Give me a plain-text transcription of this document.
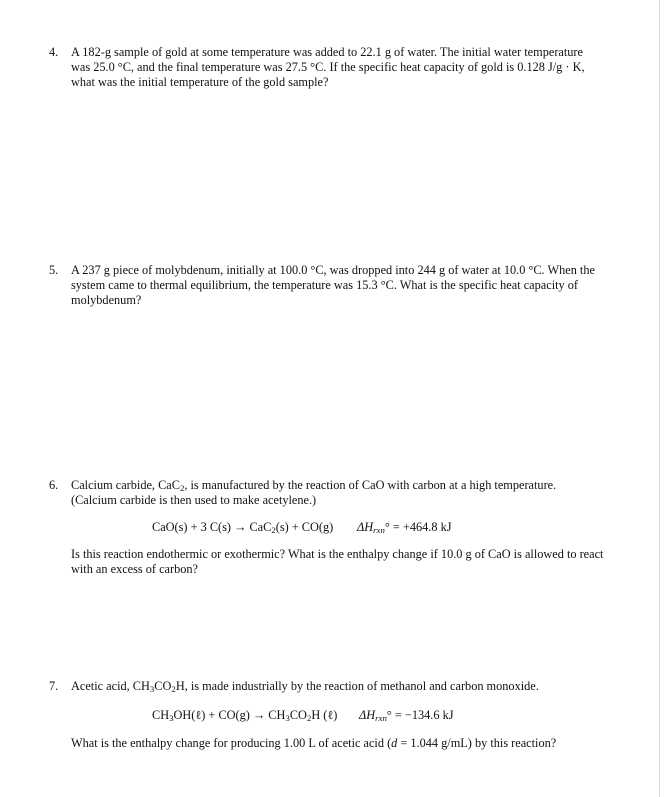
4.	A 182-g sample of gold at some temperature was added to 22.1 g of water. The initial water temperature was 25.0 °C, and the final temperature was 27.5 °C. If the specific heat capacity of gold is 0.128 J/g · K, what was the initial temperature of the gold sample?

5.	A 237 g piece of molybdenum, initially at 100.0 °C, was dropped into 244 g of water at 10.0 °C. When the system came to thermal equilibrium, the temperature was 15.3 °C. What is the specific heat capacity of molybdenum?

6.	Calcium carbide, CaC$_2$, is manufactured by the reaction of CaO with carbon at a high temperature. (Calcium carbide is then used to make acetylene.)

CaO(s) + 3 C(s) → CaC$_2$(s) + CO(g) $\Delta H_{rxn}^\circ = +464.8$ kJ

Is this reaction endothermic or exothermic? What is the enthalpy change if 10.0 g of CaO is allowed to react with an excess of carbon?

7.	Acetic acid, $CH_3CO_2H$, is made industrially by the reaction of methanol and carbon monoxide.

$CH_3OH(\ell) + CO(g) \to CH_3CO_2H$ (ℓ) $\Delta H_{rxn}^\circ = -134.6$ kJ

What is the enthalpy change for producing 1.00 L of acetic acid (d = 1.044 g/mL) by this reaction?
